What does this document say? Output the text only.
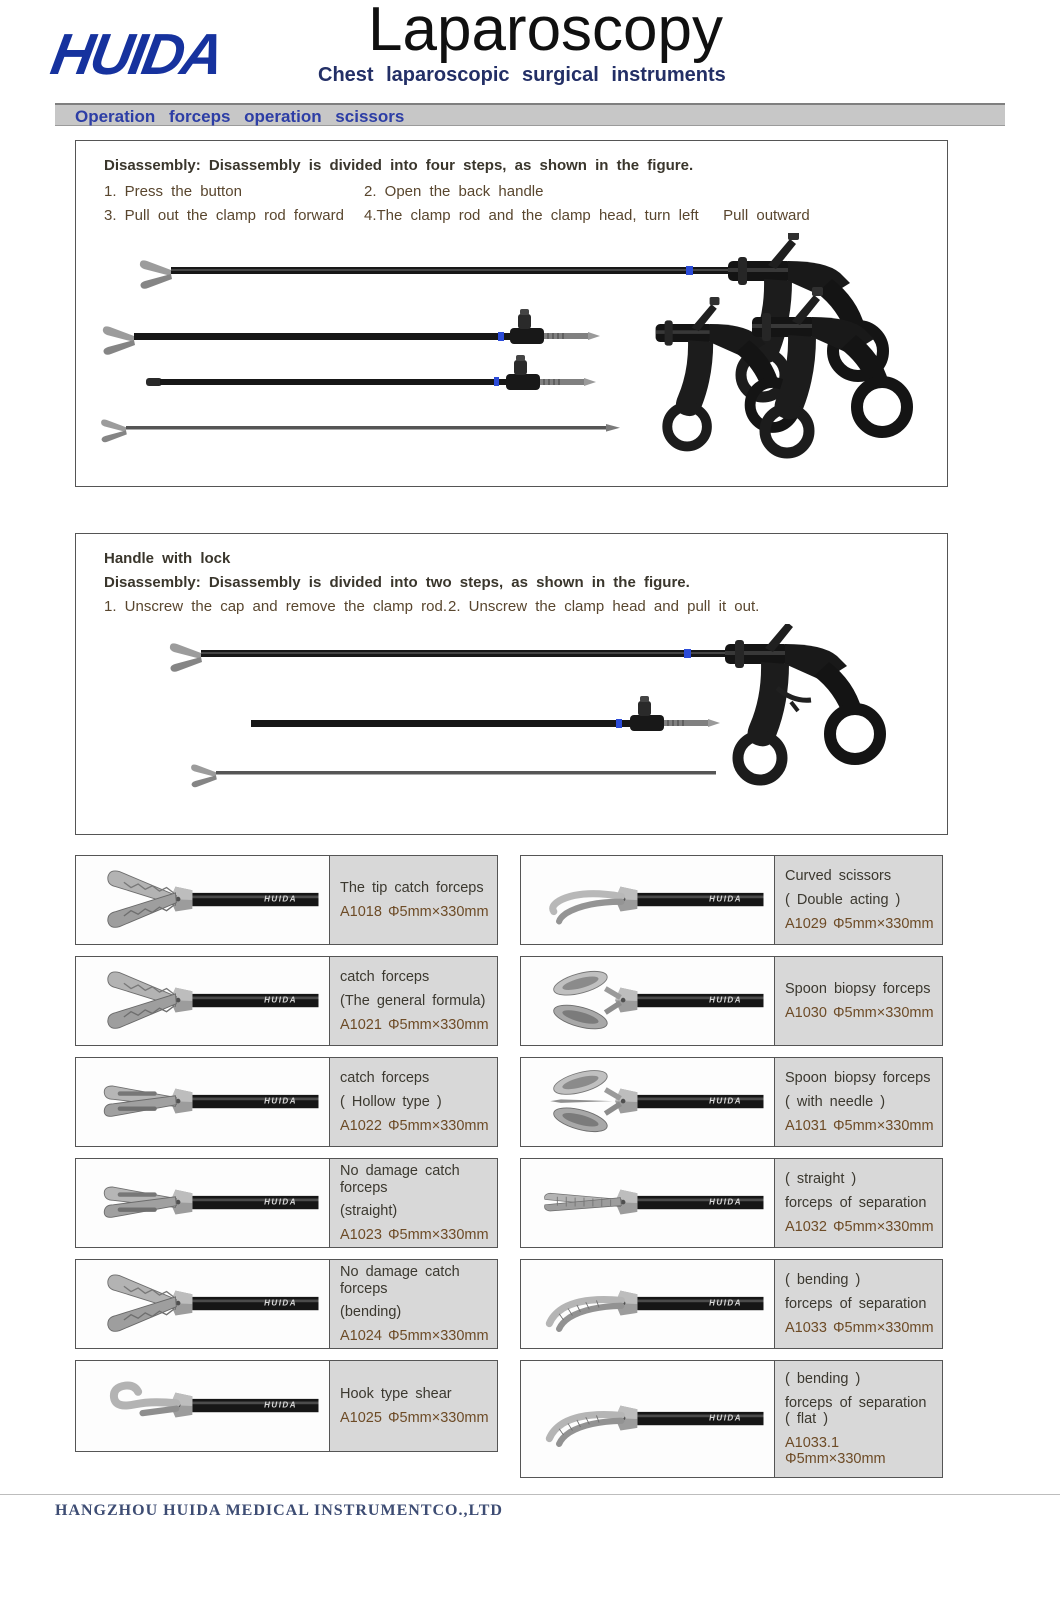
HUIDA Laparoscopy
Chest laparoscopic surgical instruments
Operation forceps operation scissors
Disassembly: Disassembly is divided into four steps, as shown in the figure.
1. Press the button	2. Open the back handle
3. Pull out the clamp rod forward 4.The clamp rod and the clamp head, turn left   Pull outward
Handle with lock
Disassembly: Disassembly is divided into two steps, as shown in the figure.
1. Unscrew the cap and remove the clamp rod. 2. Unscrew the clamp head and pull it out.
HUIDA
The tip catch forceps
A1018 Φ5mm×330mm
HUIDA
catch forceps
(The general formula)
A1021 Φ5mm×330mm
HUIDA
catch forceps
( Hollow type )
A1022 Φ5mm×330mm
HUIDA
No damage catch forceps
(straight)
A1023 Φ5mm×330mm
HUIDA
No damage catch forceps
(bending)
A1024 Φ5mm×330mm
HUIDA
Hook type shear
A1025 Φ5mm×330mm
HUIDA
Curved scissors
( Double acting )
A1029 Φ5mm×330mm
HUIDA
Spoon biopsy forceps
A1030 Φ5mm×330mm
HUIDA
Spoon biopsy forceps
( with needle )
A1031 Φ5mm×330mm
HUIDA
( straight )
forceps of separation
A1032 Φ5mm×330mm
HUIDA
( bending )
forceps of separation
A1033 Φ5mm×330mm
HUIDA
( bending )
forceps of separation ( flat )
A1033.1 Φ5mm×330mm
HANGZHOU HUIDA MEDICAL INSTRUMENTCO.,LTD
